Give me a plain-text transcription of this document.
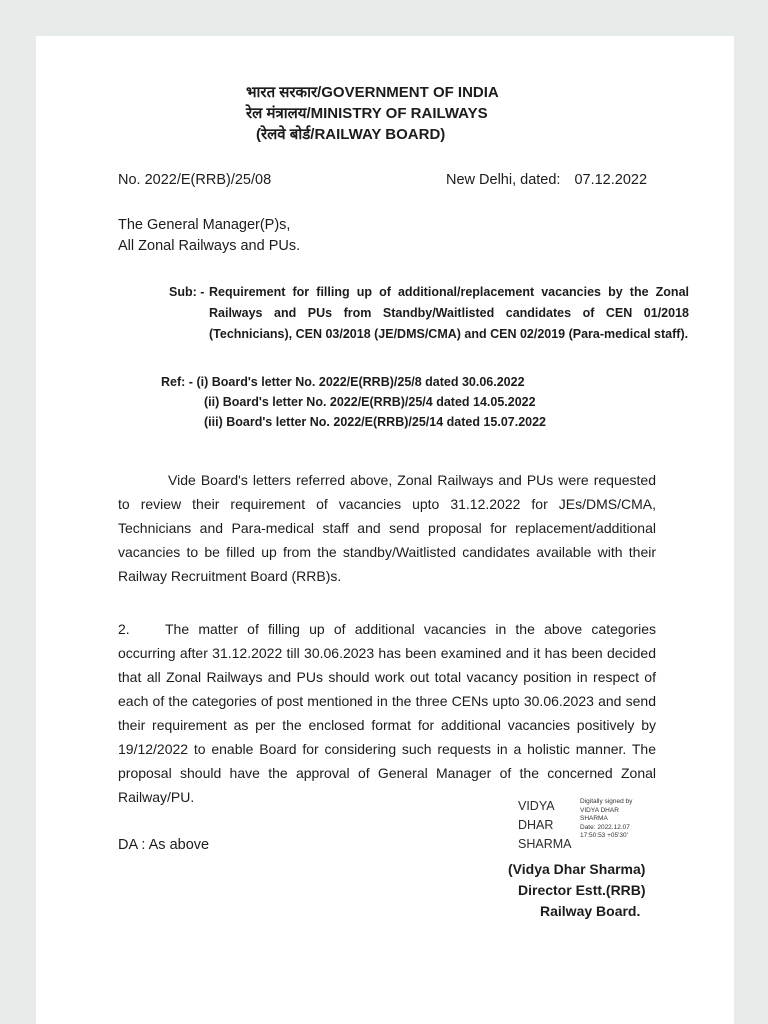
भारत सरकार/GOVERNMENT OF INDIA
रेल मंत्रालय/MINISTRY OF RAILWAYS
(रेलवे बोर्ड/RAILWAY BOARD)
No. 2022/E(RRB)/25/08	New Delhi, dated: 07.12.2022
The General Manager(P)s,
All Zonal Railways and PUs.
Sub: - Requirement for filling up of additional/replacement vacancies by the Zonal Railways and PUs from Standby/Waitlisted candidates of CEN 01/2018 (Technicians), CEN 03/2018 (JE/DMS/CMA) and CEN 02/2019 (Para-medical staff).
Ref: - (i) Board's letter No. 2022/E(RRB)/25/8 dated 30.06.2022
(ii) Board's letter No. 2022/E(RRB)/25/4 dated 14.05.2022
(iii) Board's letter No. 2022/E(RRB)/25/14 dated 15.07.2022
Vide Board's letters referred above, Zonal Railways and PUs were requested to review their requirement of vacancies upto 31.12.2022 for JEs/DMS/CMA, Technicians and Para-medical staff and send proposal for replacement/additional vacancies to be filled up from the standby/Waitlisted candidates available with their Railway Recruitment Board (RRB)s.
2.	The matter of filling up of additional vacancies in the above categories occurring after 31.12.2022 till 30.06.2023 has been examined and it has been decided that all Zonal Railways and PUs should work out total vacancy position in respect of each of the categories of post mentioned in the three CENs upto 30.06.2023 and send their requirement as per the enclosed format for additional vacancies positively by 19/12/2022 to enable Board for considering such requests in a holistic manner. The proposal should have the approval of General Manager of the concerned Zonal Railway/PU.
DA : As above
VIDYA
DHAR
SHARMA
Digitally signed by
VIDYA DHAR
SHARMA
Date: 2022.12.07
17:50:53 +05'30'
(Vidya Dhar Sharma)
Director Estt.(RRB)
Railway Board.
